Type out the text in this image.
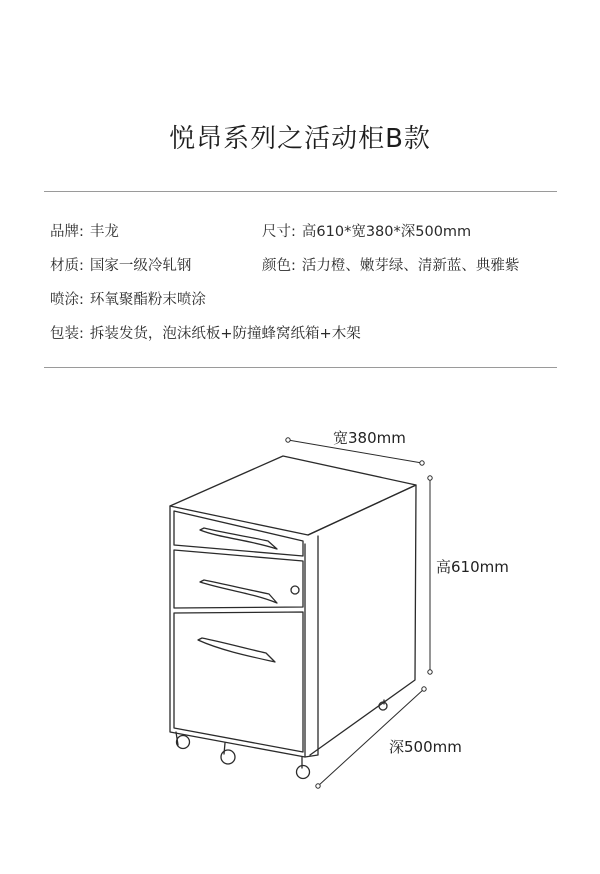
悦昂系列之活动柜B款
品牌: 丰龙	尺寸: 高610*宽380*深500mm
材质: 国家一级冷轧钢	颜色: 活力橙、嫩芽绿、清新蓝、典雅紫
喷涂: 环氧聚酯粉末喷涂
包装: 拆装发货，泡沫纸板+防撞蜂窝纸箱+木架
宽380mm
高610mm
深500mm
